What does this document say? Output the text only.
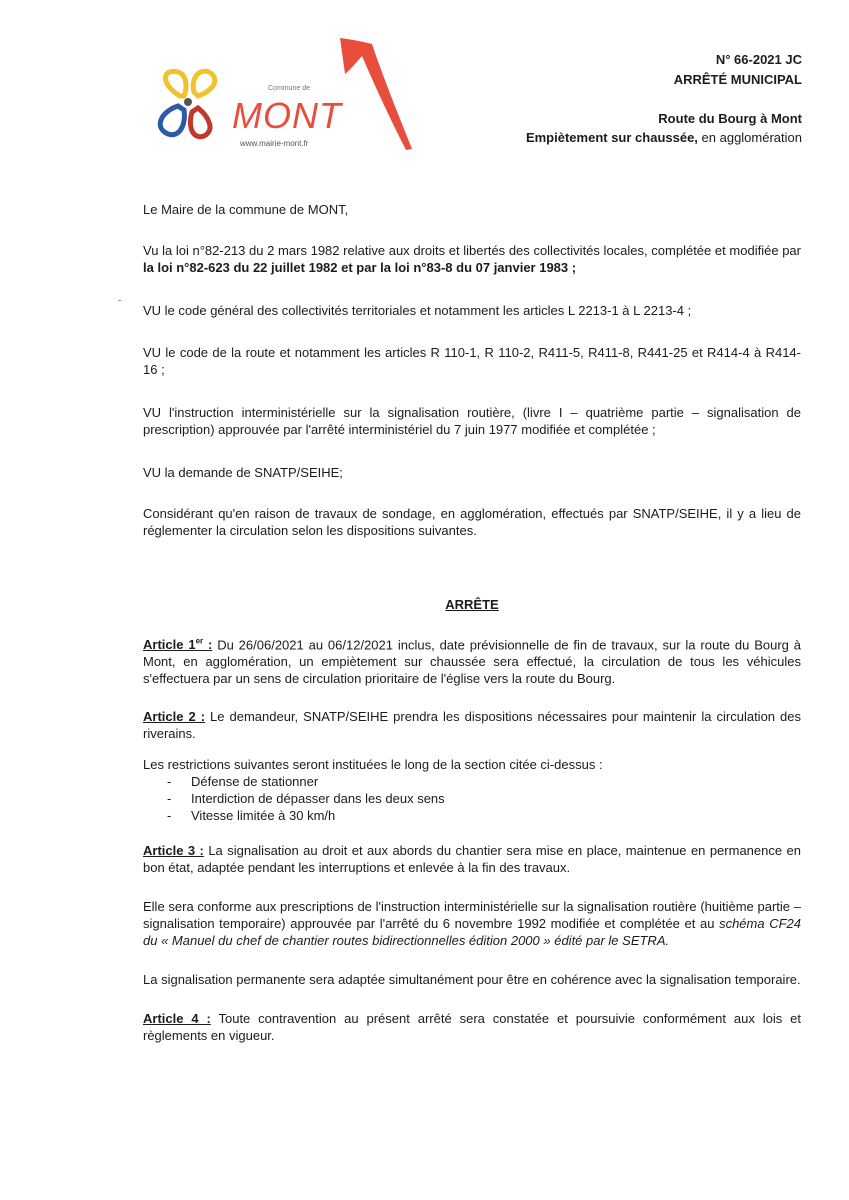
Commune de
MONT
www.mairie-mont.fr
N° 66-2021 JC
ARRÊTÉ MUNICIPAL
Route du Bourg à Mont
Empiètement sur chaussée, en agglomération

Le Maire de la commune de MONT,

Vu la loi n°82-213 du 2 mars 1982 relative aux droits et libertés des collectivités locales, complétée et modifiée par la loi n°82-623 du 22 juillet 1982 et par la loi n°83-8 du 07 janvier 1983 ;

VU le code général des collectivités territoriales et notamment les articles L 2213-1 à L 2213-4 ;

VU le code de la route et notamment les articles R 110-1, R 110-2, R411-5, R411-8, R441-25 et R414-4 à R414-16 ;

VU l'instruction interministérielle sur la signalisation routière, (livre I – quatrième partie – signalisation de prescription) approuvée par l'arrêté interministériel du 7 juin 1977 modifiée et complétée ;

VU la demande de SNATP/SEIHE;

Considérant qu'en raison de travaux de sondage, en agglomération, effectués par SNATP/SEIHE, il y a lieu de réglementer la circulation selon les dispositions suivantes.

ARRÊTE

Article 1er : Du 26/06/2021 au 06/12/2021 inclus, date prévisionnelle de fin de travaux, sur la route du Bourg à Mont, en agglomération, un empiètement sur chaussée sera effectué, la circulation de tous les véhicules s'effectuera par un sens de circulation prioritaire de l'église vers la route du Bourg.

Article 2 : Le demandeur, SNATP/SEIHE prendra les dispositions nécessaires pour maintenir la circulation des riverains.

Les restrictions suivantes seront instituées le long de la section citée ci-dessus :

- Défense de stationner
- Interdiction de dépasser dans les deux sens
- Vitesse limitée à 30 km/h

Article 3 : La signalisation au droit et aux abords du chantier sera mise en place, maintenue en permanence en bon état, adaptée pendant les interruptions et enlevée à la fin des travaux.

Elle sera conforme aux prescriptions de l'instruction interministérielle sur la signalisation routière (huitième partie – signalisation temporaire) approuvée par l'arrêté du 6 novembre 1992 modifiée et complétée et au schéma CF24 du « Manuel du chef de chantier routes bidirectionnelles édition 2000 » édité par le SETRA.

La signalisation permanente sera adaptée simultanément pour être en cohérence avec la signalisation temporaire.

Article 4 : Toute contravention au présent arrêté sera constatée et poursuivie conformément aux lois et règlements en vigueur.
